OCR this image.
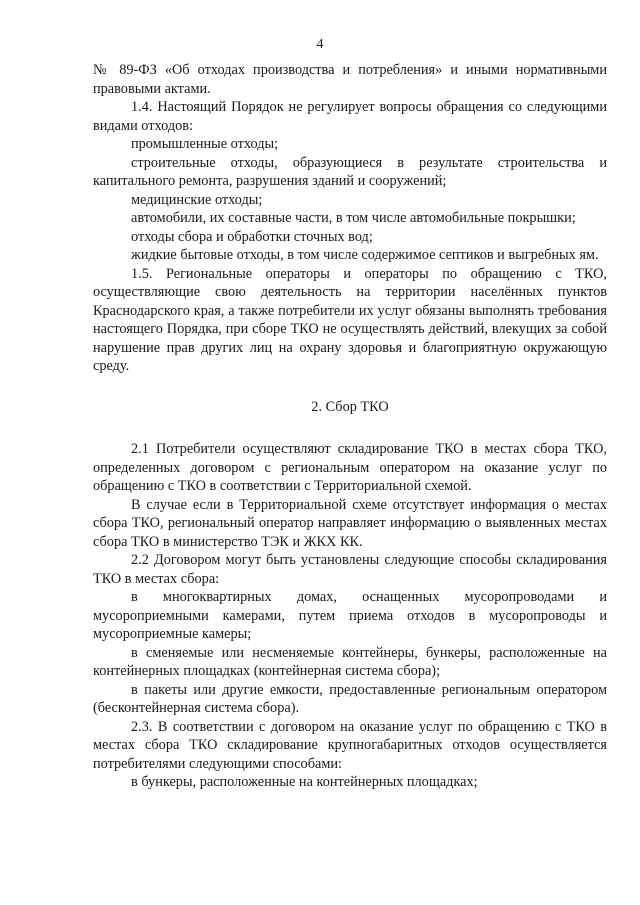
4

№ 89-ФЗ «Об отходах производства и потребления» и иными нормативными правовыми актами.

1.4. Настоящий Порядок не регулирует вопросы обращения со следующими видами отходов:

промышленные отходы;

строительные отходы, образующиеся в результате строительства и капитального ремонта, разрушения зданий и сооружений;

медицинские отходы;

автомобили, их составные части, в том числе автомобильные покрышки;

отходы сбора и обработки сточных вод;

жидкие бытовые отходы, в том числе содержимое септиков и выгребных ям.

1.5. Региональные операторы и операторы по обращению с ТКО, осуществляющие свою деятельность на территории населённых пунктов Краснодарского края, а также потребители их услуг обязаны выполнять требования настоящего Порядка, при сборе ТКО не осуществлять действий, влекущих за собой нарушение прав других лиц на охрану здоровья и благоприятную окружающую среду.

2. Сбор ТКО

2.1 Потребители осуществляют складирование ТКО в местах сбора ТКО, определенных договором с региональным оператором на оказание услуг по обращению с ТКО в соответствии с Территориальной схемой.

В случае если в Территориальной схеме отсутствует информация о местах сбора ТКО, региональный оператор направляет информацию о выявленных местах сбора ТКО в министерство ТЭК и ЖКХ КК.

2.2 Договором могут быть установлены следующие способы складирования ТКО в местах сбора:

в многоквартирных домах, оснащенных мусоропроводами и мусороприемными камерами, путем приема отходов в мусоропроводы и мусороприемные камеры;

в сменяемые или несменяемые контейнеры, бункеры, расположенные на контейнерных площадках (контейнерная система сбора);

в пакеты или другие емкости, предоставленные региональным оператором (бесконтейнерная система сбора).

2.3. В соответствии с договором на оказание услуг по обращению с ТКО в местах сбора ТКО складирование крупногабаритных отходов осуществляется потребителями следующими способами:

в бункеры, расположенные на контейнерных площадках;
